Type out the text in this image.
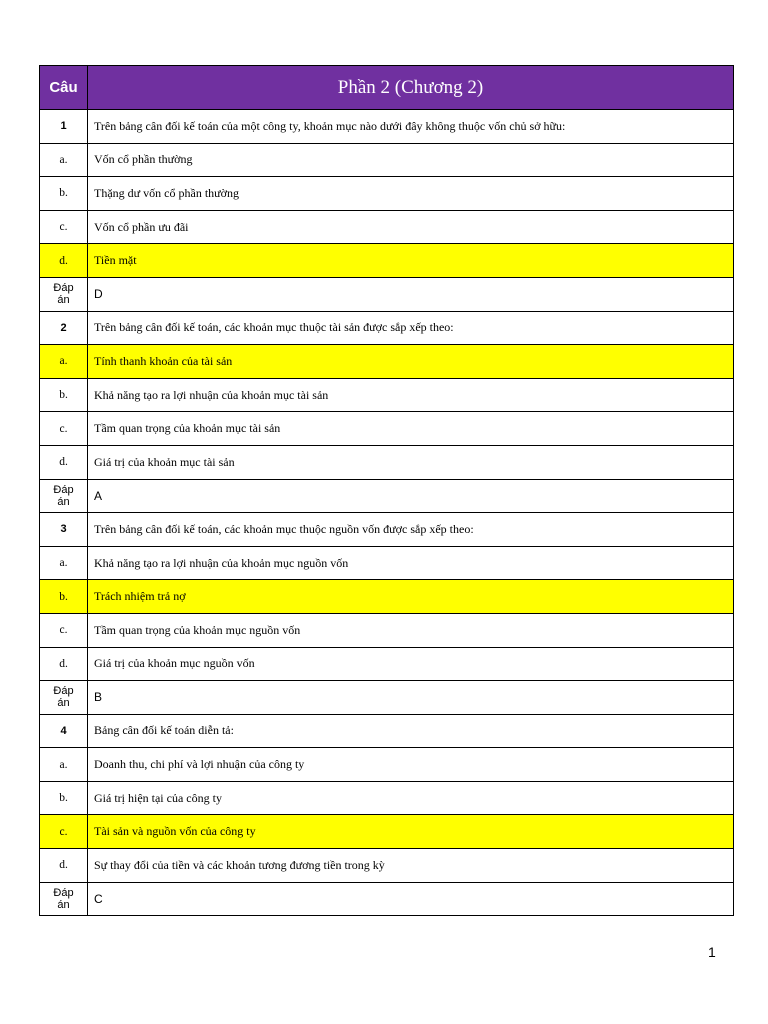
Câu	Phần 2 (Chương 2)
1	Trên bảng cân đối kế toán của một công ty, khoản mục nào dưới đây không thuộc vốn chủ sở hữu:
a.	Vốn cổ phần thường
b.	Thặng dư vốn cổ phần thường
c.	Vốn cổ phần ưu đãi
d.	Tiền mặt
Đáp án	D
2	Trên bảng cân đối kế toán, các khoản mục thuộc tài sản được sắp xếp theo:
a.	Tính thanh khoản của tài sản
b.	Khả năng tạo ra lợi nhuận của khoản mục tài sản
c.	Tầm quan trọng của khoản mục tài sản
d.	Giá trị của khoản mục tài sản
Đáp án	A
3	Trên bảng cân đối kế toán, các khoản mục thuộc nguồn vốn được sắp xếp theo:
a.	Khả năng tạo ra lợi nhuận của khoản mục nguồn vốn
b.	Trách nhiệm trả nợ
c.	Tầm quan trọng của khoản mục nguồn vốn
d.	Giá trị của khoản mục nguồn vốn
Đáp án	B
4	Bảng cân đối kế toán diễn tả:
a.	Doanh thu, chi phí và lợi nhuận của công ty
b.	Giá trị hiện tại của công ty
c.	Tài sản và nguồn vốn của công ty
d.	Sự thay đổi của tiền và các khoản tương đương tiền trong kỳ
Đáp án	C
1
